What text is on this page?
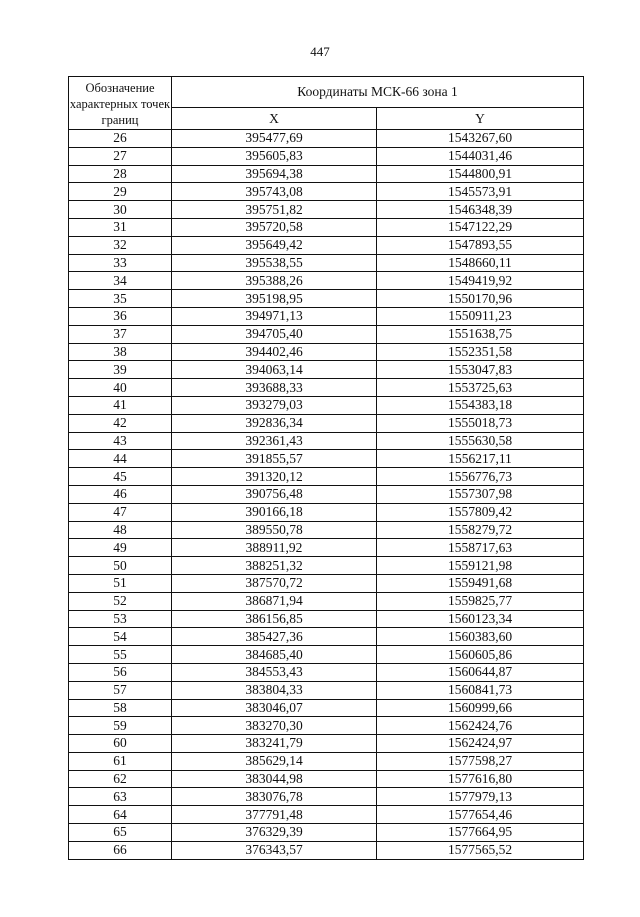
447
Обозначение характерных точек границ	Координаты МСК-66 зона 1	
	X	Y
26	395477,69	1543267,60
27	395605,83	1544031,46
28	395694,38	1544800,91
29	395743,08	1545573,91
30	395751,82	1546348,39
31	395720,58	1547122,29
32	395649,42	1547893,55
33	395538,55	1548660,11
34	395388,26	1549419,92
35	395198,95	1550170,96
36	394971,13	1550911,23
37	394705,40	1551638,75
38	394402,46	1552351,58
39	394063,14	1553047,83
40	393688,33	1553725,63
41	393279,03	1554383,18
42	392836,34	1555018,73
43	392361,43	1555630,58
44	391855,57	1556217,11
45	391320,12	1556776,73
46	390756,48	1557307,98
47	390166,18	1557809,42
48	389550,78	1558279,72
49	388911,92	1558717,63
50	388251,32	1559121,98
51	387570,72	1559491,68
52	386871,94	1559825,77
53	386156,85	1560123,34
54	385427,36	1560383,60
55	384685,40	1560605,86
56	384553,43	1560644,87
57	383804,33	1560841,73
58	383046,07	1560999,66
59	383270,30	1562424,76
60	383241,79	1562424,97
61	385629,14	1577598,27
62	383044,98	1577616,80
63	383076,78	1577979,13
64	377791,48	1577654,46
65	376329,39	1577664,95
66	376343,57	1577565,52
